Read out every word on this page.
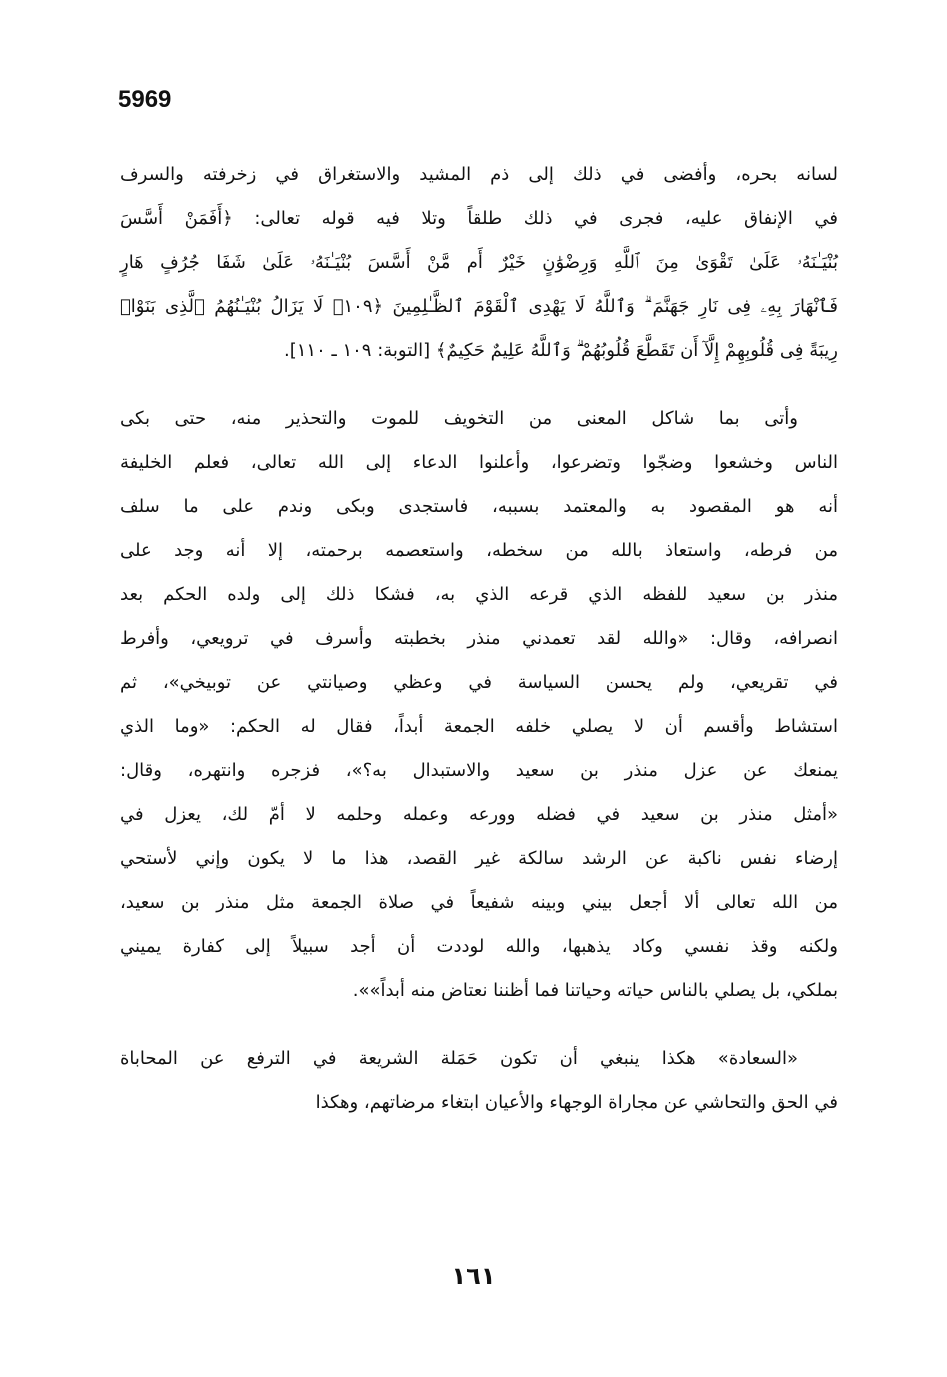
5969
لسانه بحره، وأفضى في ذلك إلى ذم المشيد والاستغراق في زخرفته والسرف
في الإنفاق عليه، فجرى في ذلك طلقاً وتلا فيه قوله تعالى: ﴿أَفَمَنْ أَسَّسَ
بُنْيَـٰنَهُۥ عَلَىٰ تَقْوَىٰ مِنَ ٱللَّهِ وَرِضْوَٰنٍ خَيْرٌ أَم مَّنْ أَسَّسَ بُنْيَـٰنَهُۥ عَلَىٰ شَفَا جُرُفٍ هَارٍ
فَٱنْهَارَ بِهِۦ فِى نَارِ جَهَنَّمَ ۗ وَٱللَّهُ لَا يَهْدِى ٱلْقَوْمَ ٱلظَّـٰلِمِينَ ﴿١٠٩﴾ لَا يَزَالُ بُنْيَـٰنُهُمُ ٱلَّذِى بَنَوْا۟
رِيبَةً فِى قُلُوبِهِمْ إِلَّآ أَن تَقَطَّعَ قُلُوبُهُمْ ۗ وَٱللَّهُ عَلِيمٌ حَكِيمٌ﴾ [التوبة: ١٠٩ ـ ١١٠].
وأتى بما شاكل المعنى من التخويف للموت والتحذير منه، حتى بكى
الناس وخشعوا وضجّوا وتضرعوا، وأعلنوا الدعاء إلى الله تعالى، فعلم الخليفة
أنه هو المقصود به والمعتمد بسببه، فاستجدى وبكى وندم على ما سلف
من فرطه، واستعاذ بالله من سخطه، واستعصمه برحمته، إلا أنه وجد على
منذر بن سعيد للفظه الذي قرعه الذي به، فشكا ذلك إلى ولده الحكم بعد
انصرافه، وقال: «والله لقد تعمدني منذر بخطبته وأسرف في ترويعي، وأفرط
في تقريعي، ولم يحسن السياسة في وعظي وصيانتي عن توبيخي»، ثم
استشاط وأقسم أن لا يصلي خلفه الجمعة أبداً، فقال له الحكم: «وما الذي
يمنعك عن عزل منذر بن سعيد والاستبدال به؟»، فزجره وانتهره، وقال:
«أمثل منذر بن سعيد في فضله وورعه وعمله وحلمه لا أمّ لك، يعزل في
إرضاء نفس ناكبة عن الرشد سالكة غير القصد، هذا ما لا يكون وإني لأستحي
من الله تعالى ألا أجعل بيني وبينه شفيعاً في صلاة الجمعة مثل منذر بن سعيد،
ولكنه وقذ نفسي وكاد يذهبها، والله لوددت أن أجد سبيلاً إلى كفارة يميني
بملكي، بل يصلي بالناس حياته وحياتنا فما أظننا نعتاض منه أبداً»».
«السعادة» هكذا ينبغي أن تكون حَمَلة الشريعة في الترفع عن المحاباة
في الحق والتحاشي عن مجاراة الوجهاء والأعيان ابتغاء مرضاتهم، وهكذا
١٦١
